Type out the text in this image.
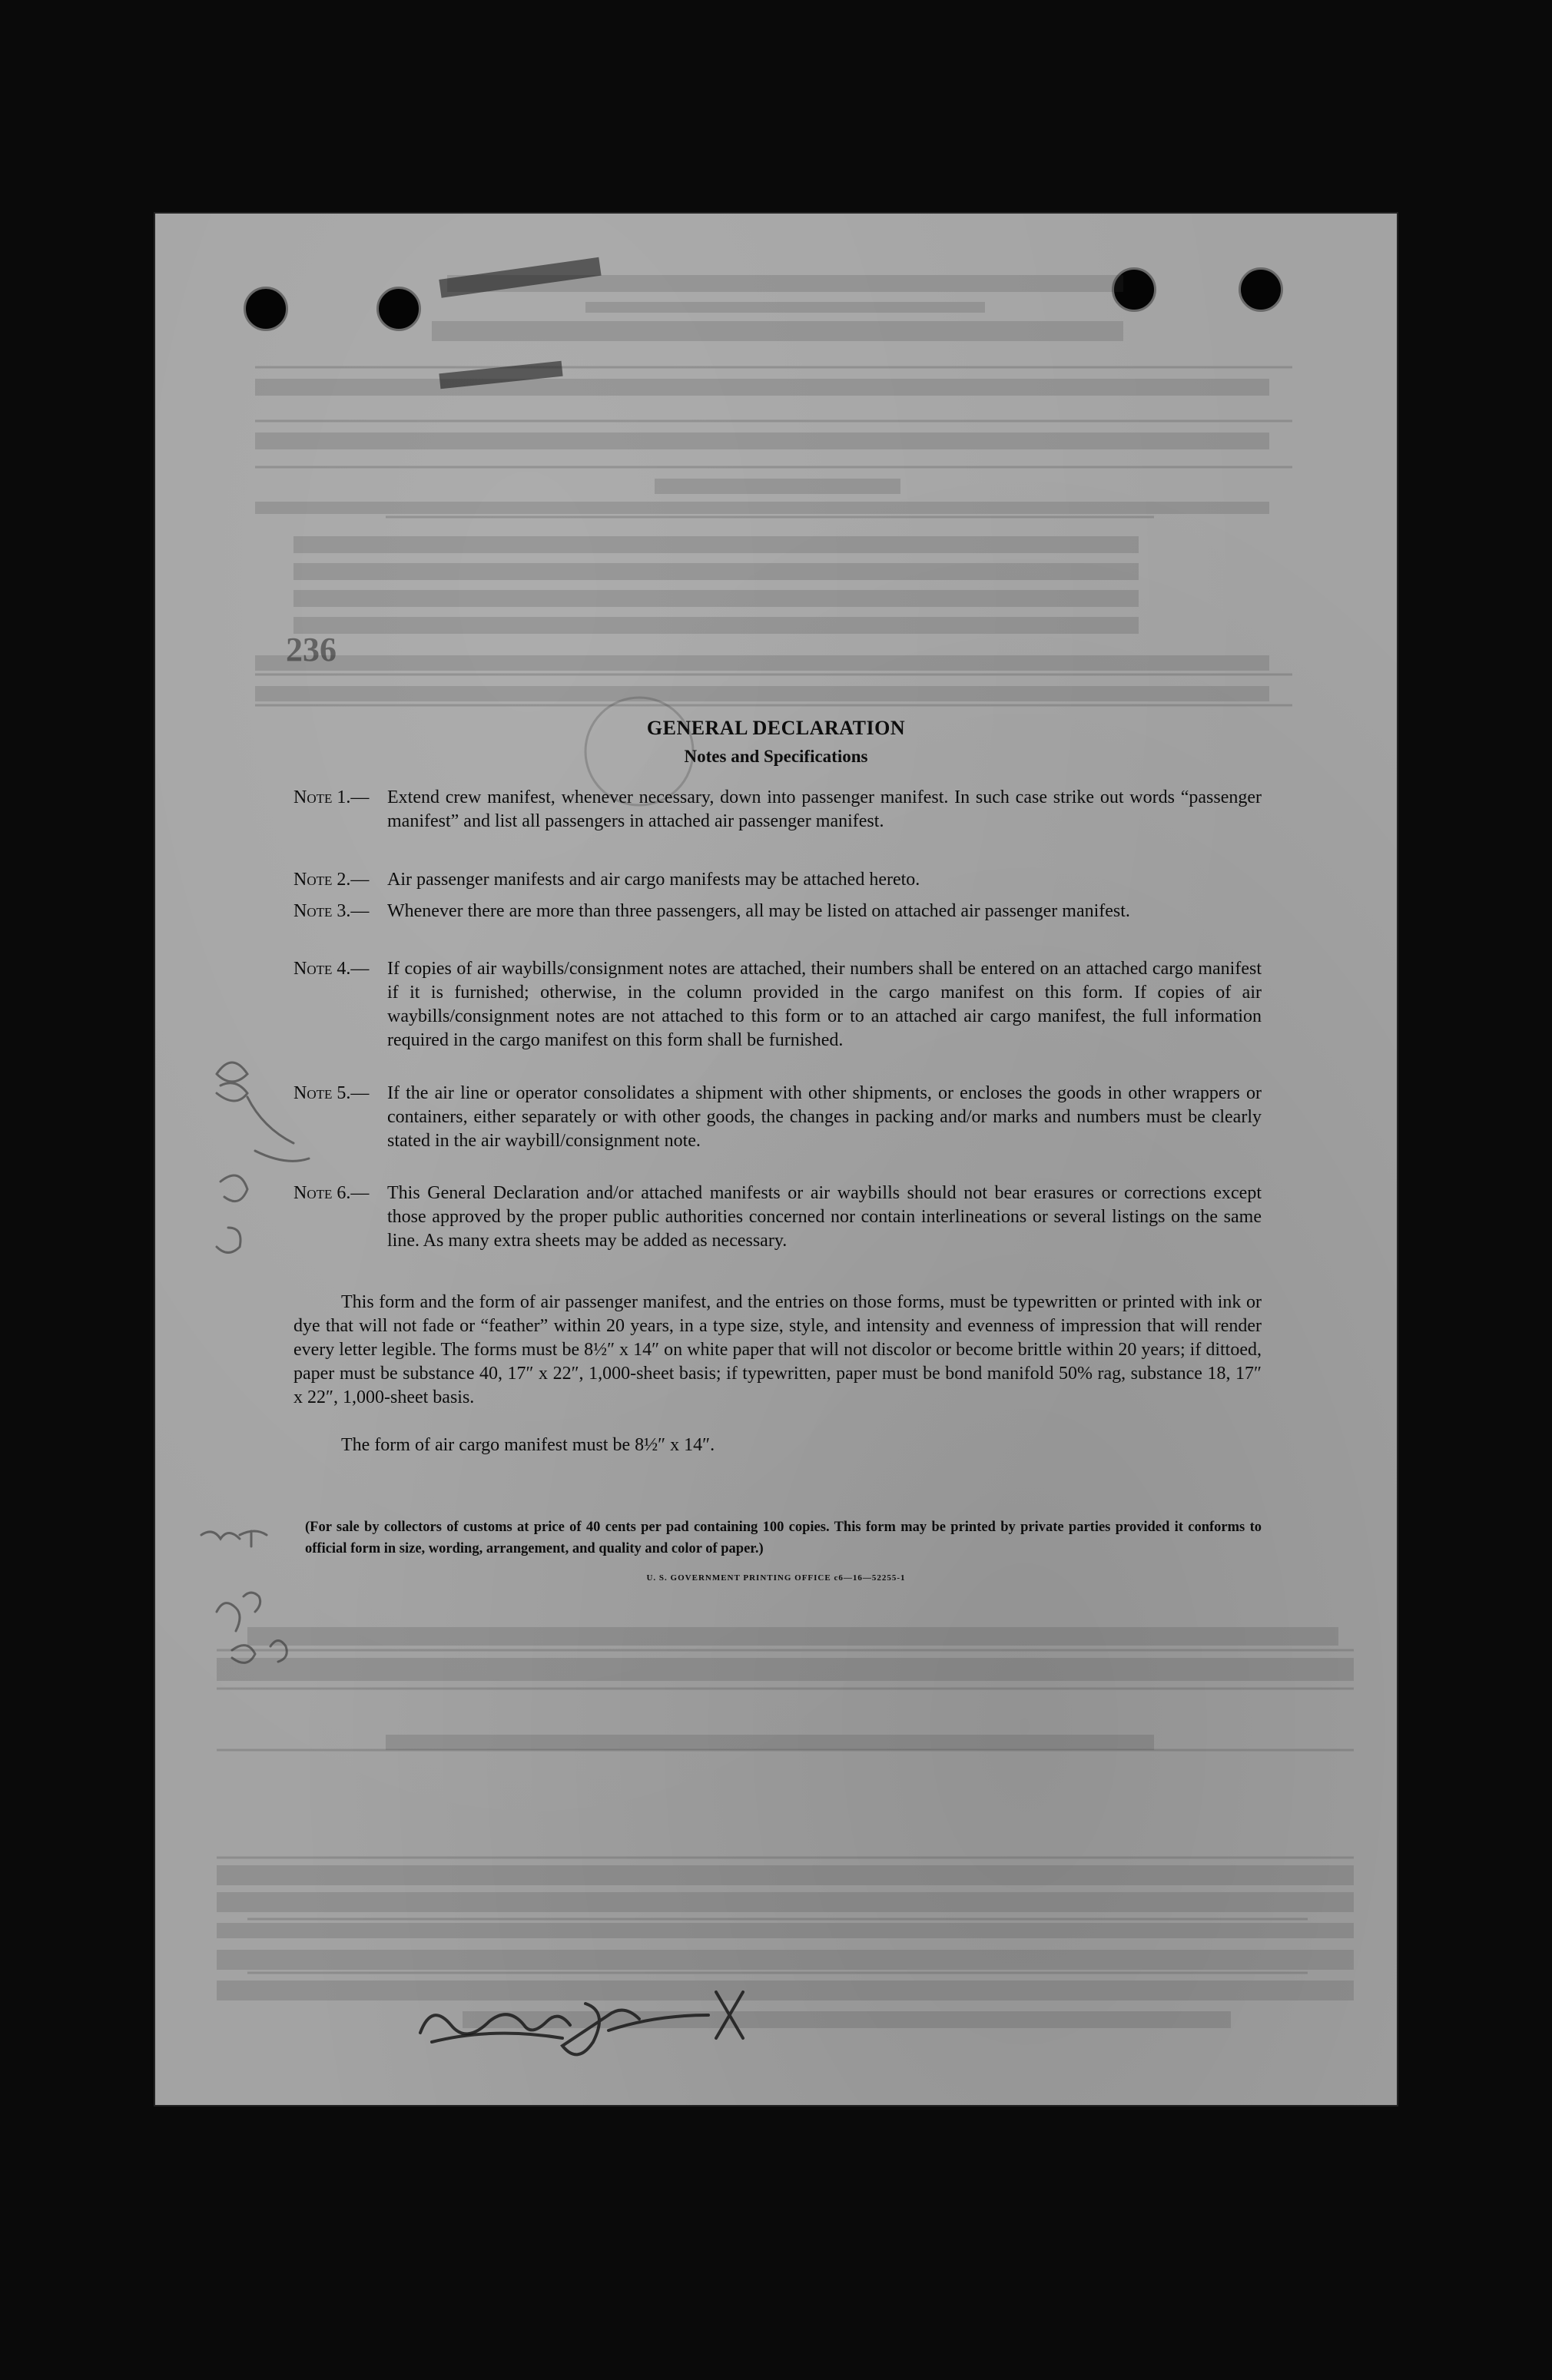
236
GENERAL DECLARATION
Notes and Specifications
Note 1.— Extend crew manifest, whenever necessary, down into passenger manifest. In such case strike out words “passenger manifest” and list all passengers in attached air passenger manifest.
Note 2.— Air passenger manifests and air cargo manifests may be attached hereto.
Note 3.— Whenever there are more than three passengers, all may be listed on attached air passenger manifest.
Note 4.— If copies of air waybills/consignment notes are attached, their numbers shall be entered on an attached cargo manifest if it is furnished; otherwise, in the column provided in the cargo manifest on this form. If copies of air waybills/consignment notes are not attached to this form or to an attached air cargo manifest, the full information required in the cargo manifest on this form shall be furnished.
Note 5.— If the air line or operator consolidates a shipment with other shipments, or encloses the goods in other wrappers or containers, either separately or with other goods, the changes in packing and/or marks and numbers must be clearly stated in the air waybill/consignment note.
Note 6.— This General Declaration and/or attached manifests or air waybills should not bear erasures or corrections except those approved by the proper public authorities concerned nor contain interlineations or several listings on the same line. As many extra sheets may be added as necessary.
This form and the form of air passenger manifest, and the entries on those forms, must be typewritten or printed with ink or dye that will not fade or “feather” within 20 years, in a type size, style, and intensity and evenness of impression that will render every letter legible. The forms must be 8½″ x 14″ on white paper that will not discolor or become brittle within 20 years; if dittoed, paper must be substance 40, 17″ x 22″, 1,000-sheet basis; if typewritten, paper must be bond manifold 50% rag, substance 18, 17″ x 22″, 1,000-sheet basis.
The form of air cargo manifest must be 8½″ x 14″.
(For sale by collectors of customs at price of 40 cents per pad containing 100 copies. This form may be printed by private parties provided it conforms to official form in size, wording, arrangement, and quality and color of paper.)
U. S. GOVERNMENT PRINTING OFFICE c6—16—52255-1
